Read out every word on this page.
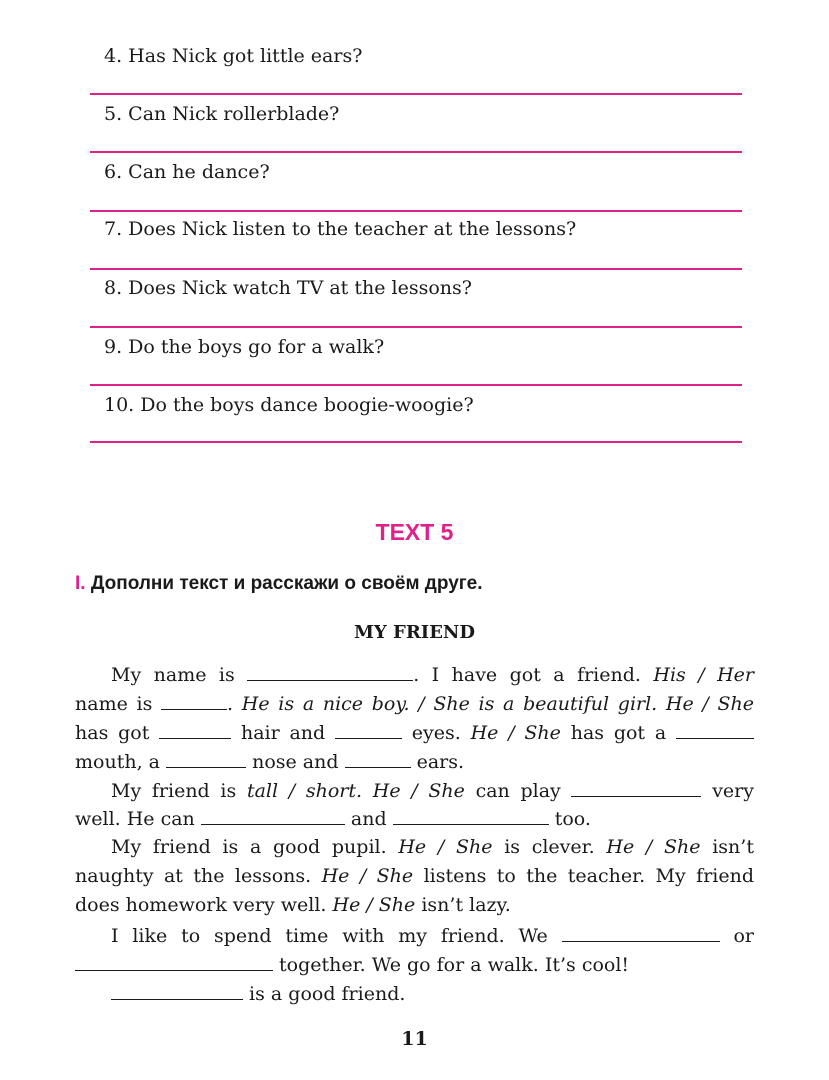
4. Has Nick got little ears?
5. Can Nick rollerblade?
6. Can he dance?
7. Does Nick listen to the teacher at the lessons?
8. Does Nick watch TV at the lessons?
9. Do the boys go for a walk?
10. Do the boys dance boogie-woogie?
TEXT 5
I. Дополни текст и расскажи о своём друге.
MY FRIEND
My name is	. I have got a friend. His / Her
name is	. He is a nice boy. / She is a beautiful girl. He / She
has got	hair and	eyes. He / She has got a
mouth, a	nose and	ears.
My friend is tall / short. He / She can play	very
well. He can	and	too.
My friend is a good pupil. He / She is clever. He / She isn’t
naughty at the lessons. He / She listens to the teacher. My friend
does homework very well. He / She isn’t lazy.
I like to spend time with my friend. We	or
together. We go for a walk. It’s cool!
is a good friend.
11
